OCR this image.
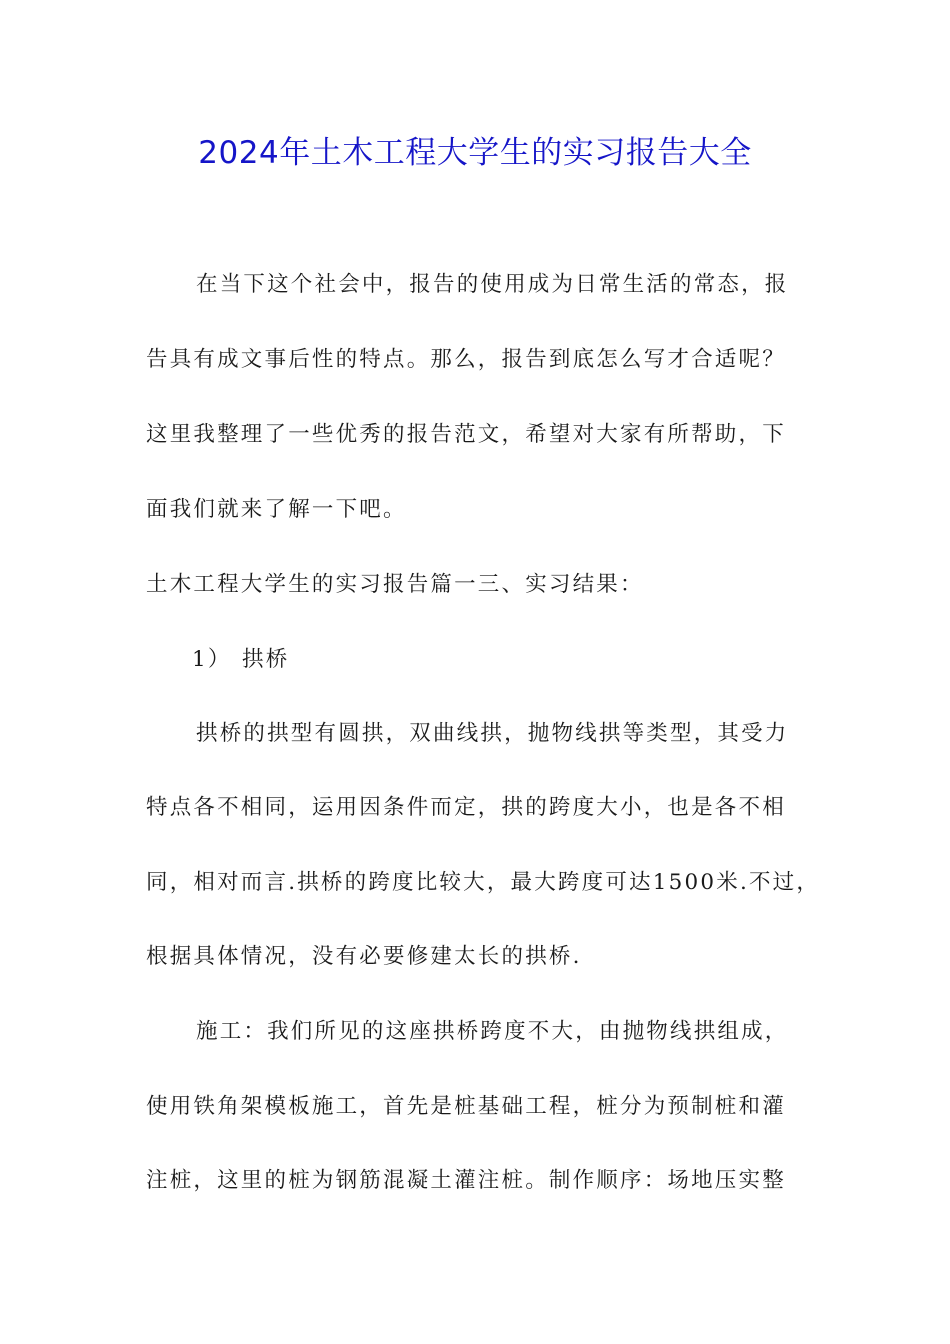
2024年土木工程大学生的实习报告大全
在当下这个社会中，报告的使用成为日常生活的常态，报
告具有成文事后性的特点。那么，报告到底怎么写才合适呢？
这里我整理了一些优秀的报告范文，希望对大家有所帮助，下
面我们就来了解一下吧。
土木工程大学生的实习报告篇一三、实习结果：
1） 拱桥
拱桥的拱型有圆拱，双曲线拱，抛物线拱等类型，其受力
特点各不相同，运用因条件而定，拱的跨度大小，也是各不相
同，相对而言.拱桥的跨度比较大，最大跨度可达1500米.不过，
根据具体情况，没有必要修建太长的拱桥.
施工：我们所见的这座拱桥跨度不大，由抛物线拱组成，
使用铁角架模板施工，首先是桩基础工程，桩分为预制桩和灌
注桩，这里的桩为钢筋混凝土灌注桩。制作顺序：场地压实整
